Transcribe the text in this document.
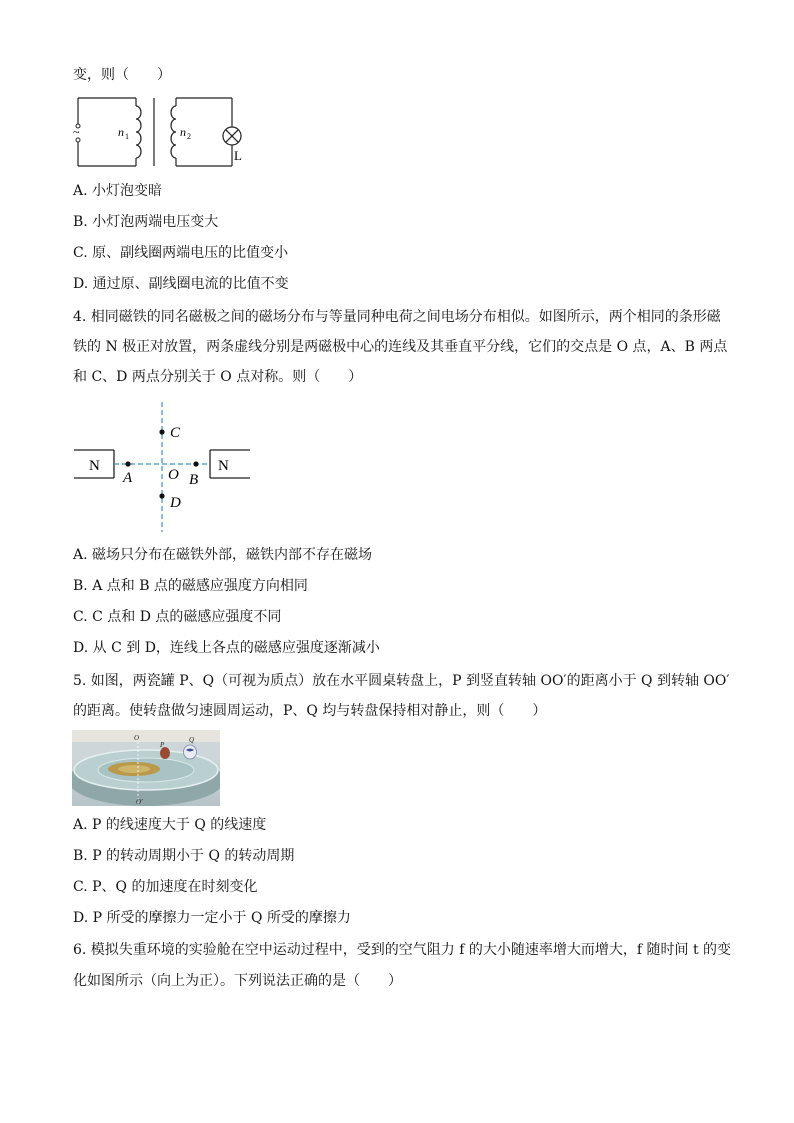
变，则（　　）
~	n 1	n 2
L
A. 小灯泡变暗
B. 小灯泡两端电压变大
C. 原、副线圈两端电压的比值变小
D. 通过原、副线圈电流的比值不变
4. 相同磁铁的同名磁极之间的磁场分布与等量同种电荷之间电场分布相似。如图所示，两个相同的条形磁
铁的 N 极正对放置，两条虚线分别是两磁极中心的连线及其垂直平分线，它们的交点是 O 点，A、B 两点
和 C、D 两点分别关于 O 点对称。则（　　）
N	N
A	B
C
D
O
A. 磁场只分布在磁铁外部，磁铁内部不存在磁场
B. A 点和 B 点的磁感应强度方向相同
C. C 点和 D 点的磁感应强度不同
D. 从 C 到 D，连线上各点的磁感应强度逐渐减小
5. 如图，两瓷罐 P、Q（可视为质点）放在水平圆桌转盘上，P 到竖直转轴 OO′的距离小于 Q 到转轴 OO′
的距离。使转盘做匀速圆周运动，P、Q 均与转盘保持相对静止，则（　　）
O
O′
P
Q
A. P 的线速度大于 Q 的线速度
B. P 的转动周期小于 Q 的转动周期
C. P、Q 的加速度在时刻变化
D. P 所受的摩擦力一定小于 Q 所受的摩擦力
6. 模拟失重环境的实验舱在空中运动过程中，受到的空气阻力 f 的大小随速率增大而增大，f 随时间 t 的变
化如图所示（向上为正）。下列说法正确的是（　　）
